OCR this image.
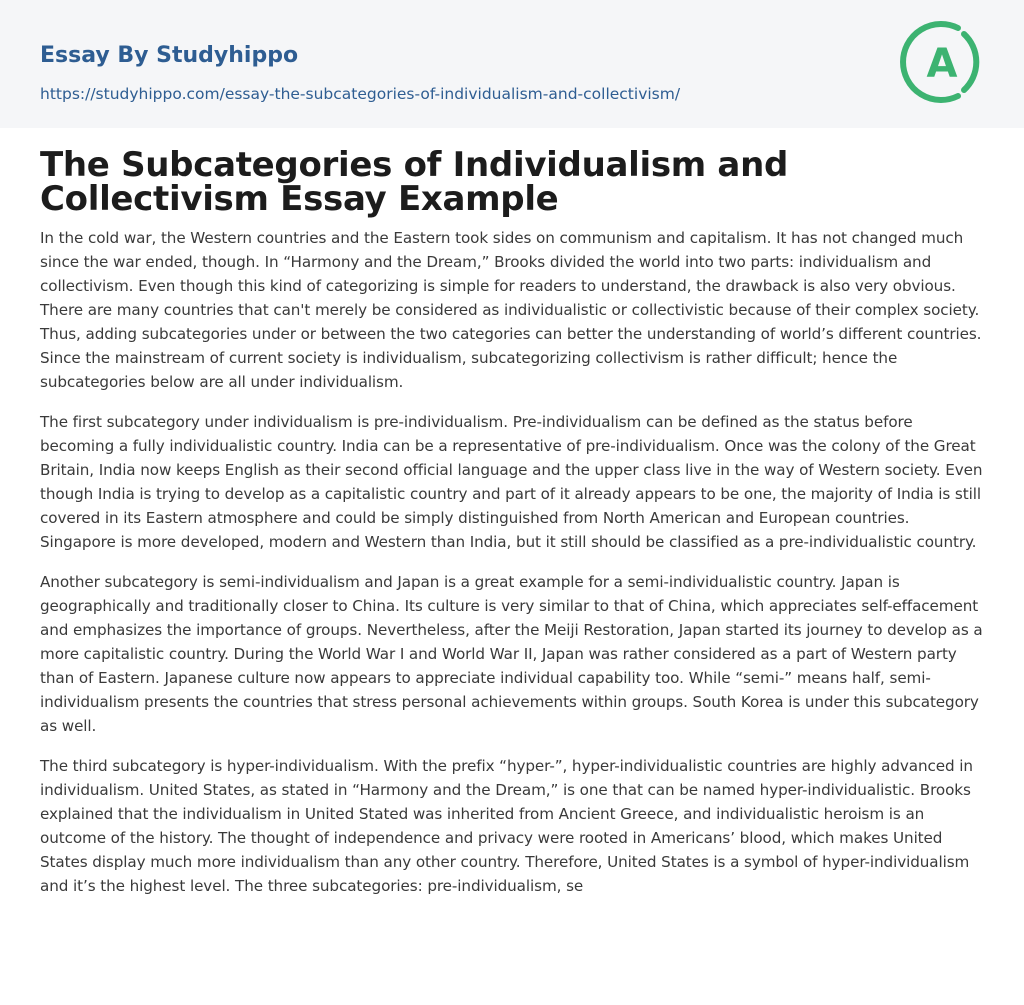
Essay By Studyhippo
https://studyhippo.com/essay-the-subcategories-of-individualism-and-collectivism/
A
The Subcategories of Individualism and Collectivism Essay Example

In the cold war, the Western countries and the Eastern took sides on communism and capitalism. It has not changed much since the war ended, though. In “Harmony and the Dream,” Brooks divided the world into two parts: individualism and collectivism. Even though this kind of categorizing is simple for readers to understand, the drawback is also very obvious. There are many countries that can't merely be considered as individualistic or collectivistic because of their complex society. Thus, adding subcategories under or between the two categories can better the understanding of world’s different countries. Since the mainstream of current society is individualism, subcategorizing collectivism is rather difficult; hence the subcategories below are all under individualism.

The first subcategory under individualism is pre-individualism. Pre-individualism can be defined as the status before becoming a fully individualistic country. India can be a representative of pre-individualism. Once was the colony of the Great Britain, India now keeps English as their second official language and the upper class live in the way of Western society. Even though India is trying to develop as a capitalistic country and part of it already appears to be one, the majority of India is still covered in its Eastern atmosphere and could be simply distinguished from North American and European countries. Singapore is more developed, modern and Western than India, but it still should be classified as a pre-individualistic country.

Another subcategory is semi-individualism and Japan is a great example for a semi-individualistic country. Japan is geographically and traditionally closer to China. Its culture is very similar to that of China, which appreciates self-effacement and emphasizes the importance of groups. Nevertheless, after the Meiji Restoration, Japan started its journey to develop as a more capitalistic country. During the World War I and World War II, Japan was rather considered as a part of Western party than of Eastern. Japanese culture now appears to appreciate individual capability too. While “semi-” means half, semi-individualism presents the countries that stress personal achievements within groups. South Korea is under this subcategory as well.

The third subcategory is hyper-individualism. With the prefix “hyper-”, hyper-individualistic countries are highly advanced in individualism. United States, as stated in “Harmony and the Dream,” is one that can be named hyper-individualistic. Brooks explained that the individualism in United Stated was inherited from Ancient Greece, and individualistic heroism is an outcome of the history. The thought of independence and privacy were rooted in Americans’ blood, which makes United States display much more individualism than any other country. Therefore, United States is a symbol of hyper-individualism and it’s the highest level. The three subcategories: pre-individualism, se
